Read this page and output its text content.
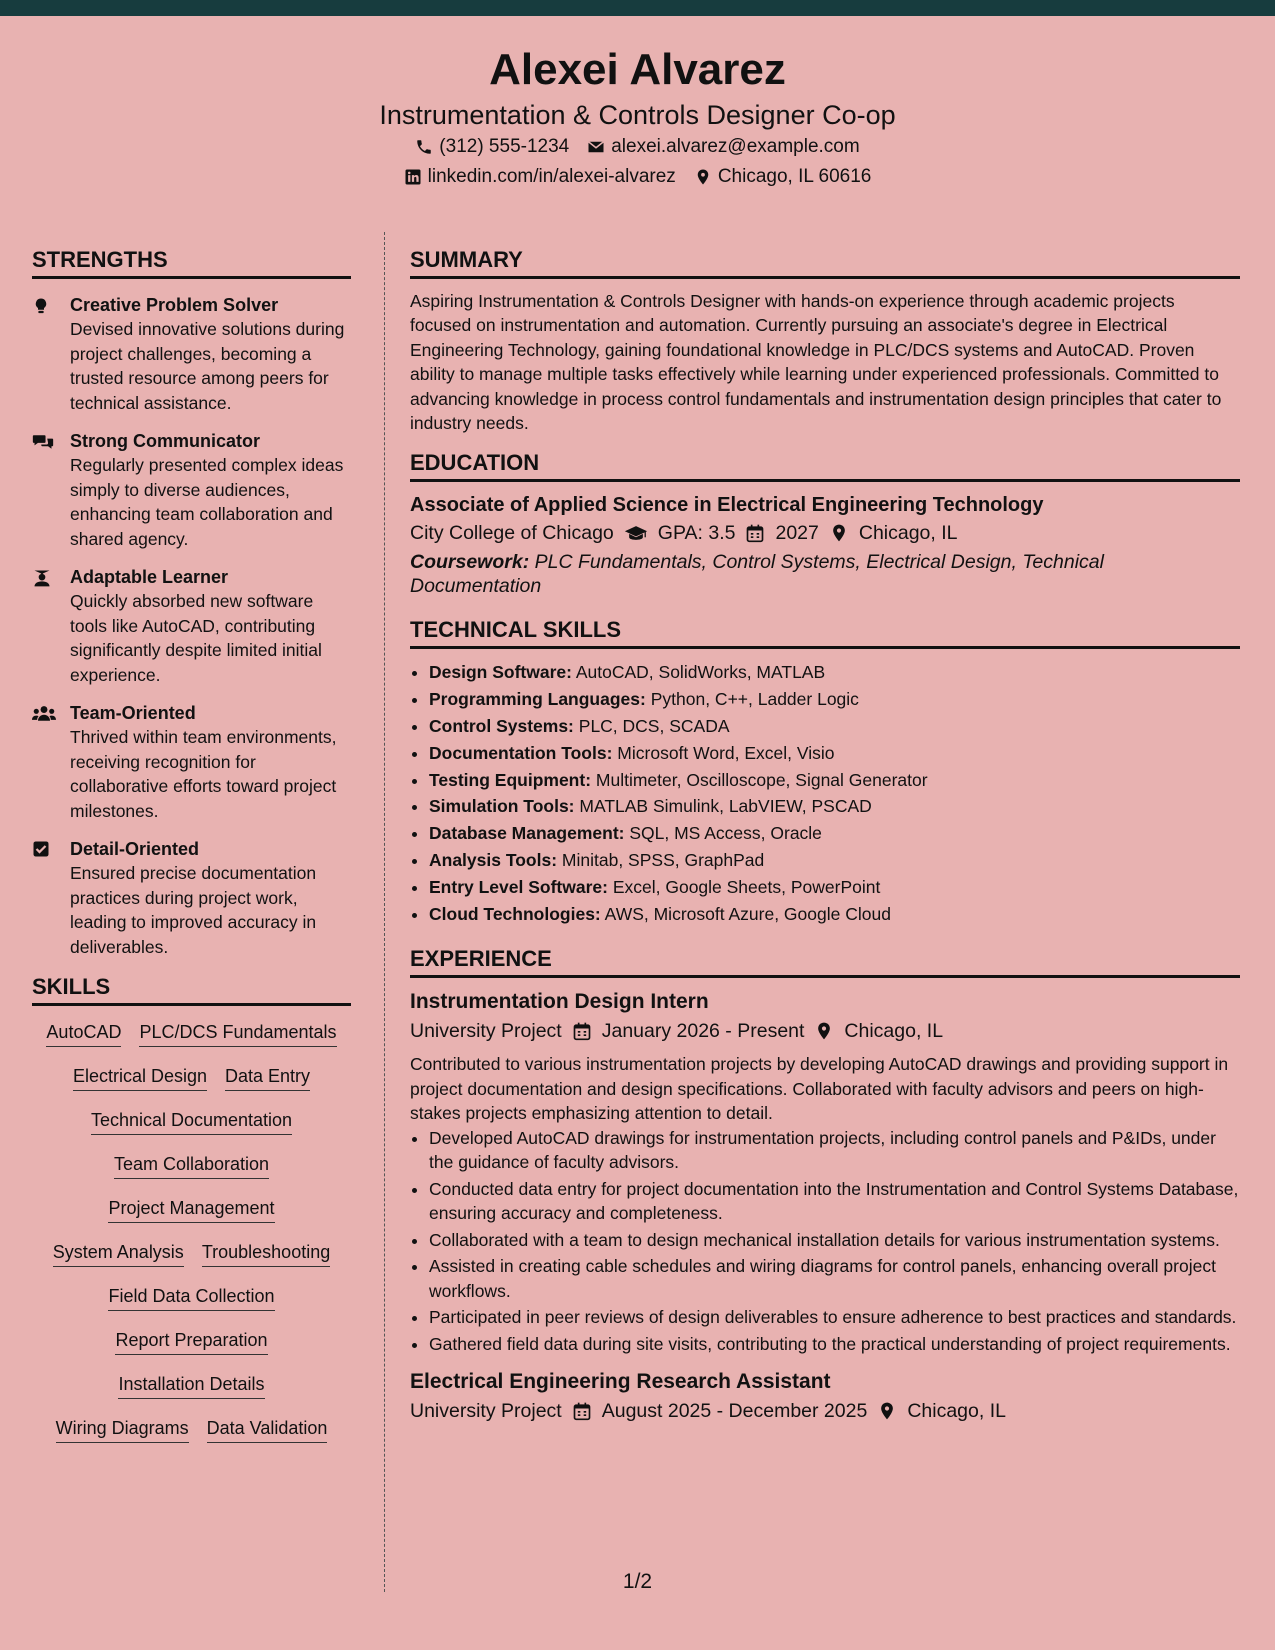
Alexei Alvarez
Instrumentation & Controls Designer Co-op
(312) 555-1234 alexei.alvarez@example.com
linkedin.com/in/alexei-alvarez Chicago, IL 60616
STRENGTHS
Creative Problem Solver
Devised innovative solutions during project challenges, becoming a trusted resource among peers for technical assistance.
Strong Communicator
Regularly presented complex ideas simply to diverse audiences, enhancing team collaboration and shared agency.
Adaptable Learner
Quickly absorbed new software tools like AutoCAD, contributing significantly despite limited initial experience.
Team-Oriented
Thrived within team environments, receiving recognition for collaborative efforts toward project milestones.
Detail-Oriented
Ensured precise documentation practices during project work, leading to improved accuracy in deliverables.
SKILLS
AutoCAD PLC/DCS Fundamentals
Electrical Design Data Entry
Technical Documentation
Team Collaboration
Project Management
System Analysis Troubleshooting
Field Data Collection
Report Preparation
Installation Details
Wiring Diagrams Data Validation
SUMMARY

Aspiring Instrumentation & Controls Designer with hands-on experience through academic projects focused on instrumentation and automation. Currently pursuing an associate's degree in Electrical Engineering Technology, gaining foundational knowledge in PLC/DCS systems and AutoCAD. Proven ability to manage multiple tasks effectively while learning under experienced professionals. Committed to advancing knowledge in process control fundamentals and instrumentation design principles that cater to industry needs.

EDUCATION
Associate of Applied Science in Electrical Engineering Technology
City College of Chicago GPA: 3.5 2027 Chicago, IL
Coursework: PLC Fundamentals, Control Systems, Electrical Design, Technical Documentation
TECHNICAL SKILLS
• Design Software: AutoCAD, SolidWorks, MATLAB
• Programming Languages: Python, C++, Ladder Logic
• Control Systems: PLC, DCS, SCADA
• Documentation Tools: Microsoft Word, Excel, Visio
• Testing Equipment: Multimeter, Oscilloscope, Signal Generator
• Simulation Tools: MATLAB Simulink, LabVIEW, PSCAD
• Database Management: SQL, MS Access, Oracle
• Analysis Tools: Minitab, SPSS, GraphPad
• Entry Level Software: Excel, Google Sheets, PowerPoint
• Cloud Technologies: AWS, Microsoft Azure, Google Cloud
EXPERIENCE
Instrumentation Design Intern
University Project January 2026 - Present Chicago, IL

Contributed to various instrumentation projects by developing AutoCAD drawings and providing support in project documentation and design specifications. Collaborated with faculty advisors and peers on high-stakes projects emphasizing attention to detail.

• Developed AutoCAD drawings for instrumentation projects, including control panels and P&IDs, under the guidance of faculty advisors.
• Conducted data entry for project documentation into the Instrumentation and Control Systems Database, ensuring accuracy and completeness.
• Collaborated with a team to design mechanical installation details for various instrumentation systems.
• Assisted in creating cable schedules and wiring diagrams for control panels, enhancing overall project workflows.
• Participated in peer reviews of design deliverables to ensure adherence to best practices and standards.
• Gathered field data during site visits, contributing to the practical understanding of project requirements.
Electrical Engineering Research Assistant
University Project August 2025 - December 2025 Chicago, IL
1/2
